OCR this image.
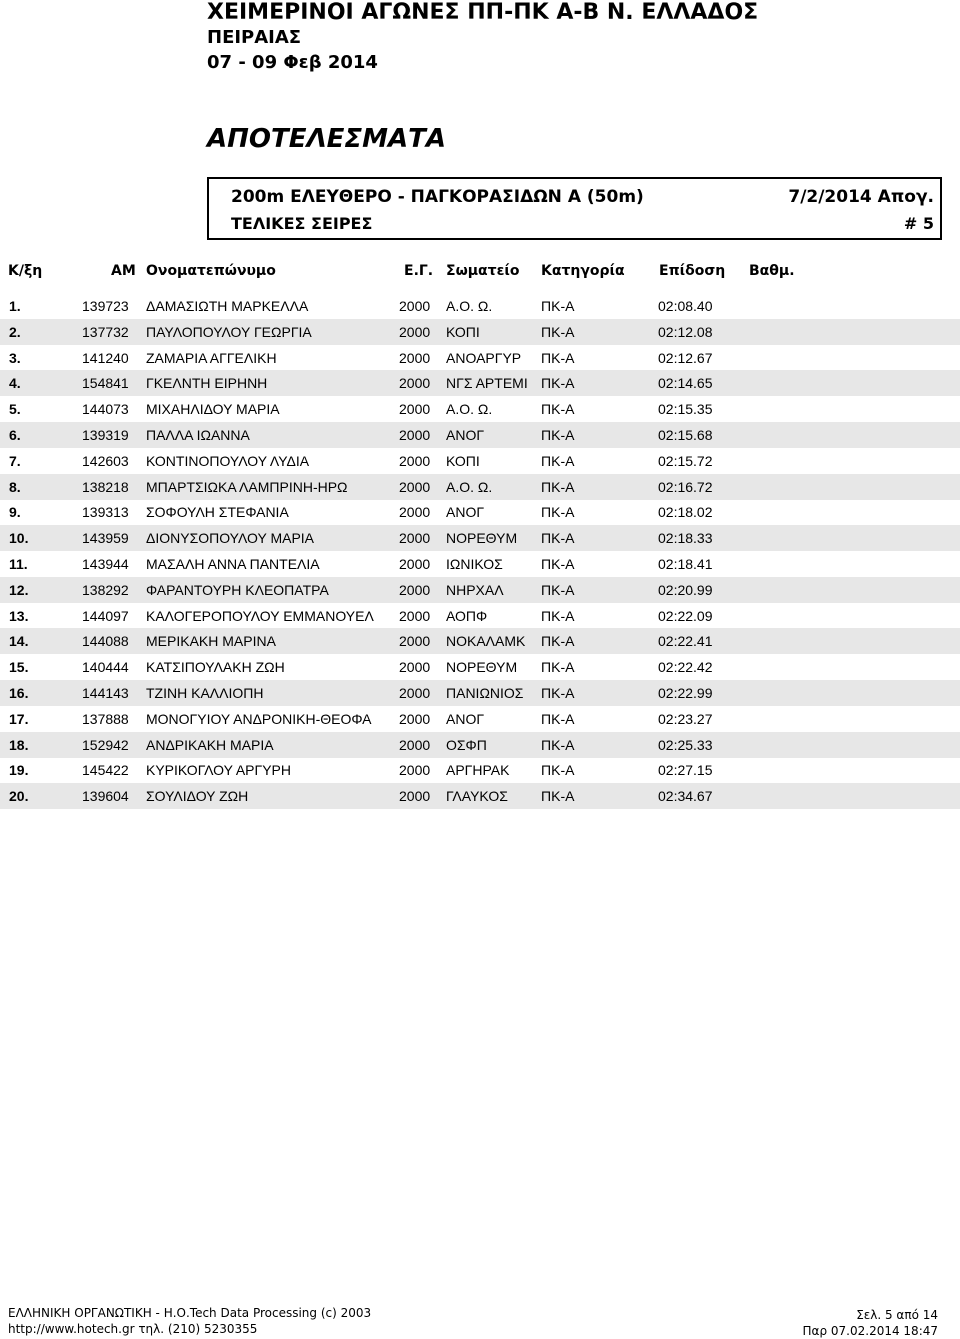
ΧΕΙΜΕΡΙΝΟΙ ΑΓΩΝΕΣ ΠΠ-ΠΚ Α-Β Ν. ΕΛΛΑΔΟΣ
ΠΕΙΡΑΙΑΣ
07 - 09 Φεβ 2014
ΑΠΟΤΕΛΕΣΜΑΤΑ
200m ΕΛΕΥΘΕΡΟ - ΠΑΓΚΟΡΑΣΙΔΩΝ Α (50m)	7/2/2014 Απογ.
ΤΕΛΙΚΕΣ ΣΕΙΡΕΣ	# 5
Κ/ξη	ΑΜ Ονοματεπώνυμο	Ε.Γ. Σωματείο Κατηγορία Επίδοση Βαθμ.
1.	139723 ΔΑΜΑΣΙΩΤΗ ΜΑΡΚΕΛΛΑ	2000 Α.Ο. Ω.	ΠΚ-Α	02:08.40
2.	137732 ΠΑΥΛΟΠΟΥΛΟΥ ΓΕΩΡΓΙΑ	2000 ΚΟΠΙ	ΠΚ-Α	02:12.08
3.	141240 ΖΑΜΑΡΙΑ ΑΓΓΕΛΙΚΗ	2000 ΑΝΟΑΡΓΥΡ ΠΚ-Α	02:12.67
4.	154841 ΓΚΕΛΝΤΗ ΕΙΡΗΝΗ	2000 ΝΓΣ ΑΡΤΕΜΙ ΠΚ-Α	02:14.65
5.	144073 ΜΙΧΑΗΛΙΔΟΥ ΜΑΡΙΑ	2000 Α.Ο. Ω.	ΠΚ-Α	02:15.35
6.	139319 ΠΑΛΛΑ ΙΩΑΝΝΑ	2000 ΑΝΟΓ	ΠΚ-Α	02:15.68
7.	142603 ΚΟΝΤΙΝΟΠΟΥΛΟΥ ΛΥΔΙΑ	2000 ΚΟΠΙ	ΠΚ-Α	02:15.72
8.	138218 ΜΠΑΡΤΣΙΩΚΑ ΛΑΜΠΡΙΝΗ-ΗΡΩ	2000 Α.Ο. Ω.	ΠΚ-Α	02:16.72
9.	139313 ΣΟΦΟΥΛΗ ΣΤΕΦΑΝΙΑ	2000 ΑΝΟΓ	ΠΚ-Α	02:18.02
10.	143959 ΔΙΟΝΥΣΟΠΟΥΛΟΥ ΜΑΡΙΑ	2000 ΝΟΡΕΘΥΜ ΠΚ-Α	02:18.33
11.	143944 ΜΑΣΑΛΗ ΑΝΝΑ ΠΑΝΤΕΛΙΑ	2000 ΙΩΝΙΚΟΣ	ΠΚ-Α	02:18.41
12.	138292 ΦΑΡΑΝΤΟΥΡΗ ΚΛΕΟΠΑΤΡΑ	2000 ΝΗΡΧΑΛ	ΠΚ-Α	02:20.99
13.	144097 ΚΑΛΟΓΕΡΟΠΟΥΛΟΥ ΕΜΜΑΝΟΥΕΛ 2000 ΑΟΠΦ	ΠΚ-Α	02:22.09
14.	144088 ΜΕΡΙΚΑΚΗ ΜΑΡΙΝΑ	2000 ΝΟΚΑΛΑΜΚ ΠΚ-Α	02:22.41
15.	140444 ΚΑΤΣΙΠΟΥΛΑΚΗ ΖΩΗ	2000 ΝΟΡΕΘΥΜ ΠΚ-Α	02:22.42
16.	144143 ΤΖΙΝΗ ΚΑΛΛΙΟΠΗ	2000 ΠΑΝΙΩΝΙΟΣ ΠΚ-Α	02:22.99
17.	137888 ΜΟΝΟΓΥΙΟΥ ΑΝΔΡΟΝΙΚΗ-ΘΕΟΦΑ 2000 ΑΝΟΓ	ΠΚ-Α	02:23.27
18.	152942 ΑΝΔΡΙΚΑΚΗ ΜΑΡΙΑ	2000 ΟΣΦΠ	ΠΚ-Α	02:25.33
19.	145422 ΚΥΡΙΚΟΓΛΟΥ ΑΡΓΥΡΗ	2000 ΑΡΓΗΡΑΚ ΠΚ-Α	02:27.15
20.	139604 ΣΟΥΛΙΔΟΥ ΖΩΗ	2000 ΓΛΑΥΚΟΣ ΠΚ-Α	02:34.67
ΕΛΛΗΝΙΚΗ ΟΡΓΑΝΩΤΙΚΗ - Η.Ο.Tech Data Processing (c) 2003
http://www.hotech.gr τηλ. (210) 5230355
Σελ. 5 από 14
Παρ 07.02.2014 18:47
